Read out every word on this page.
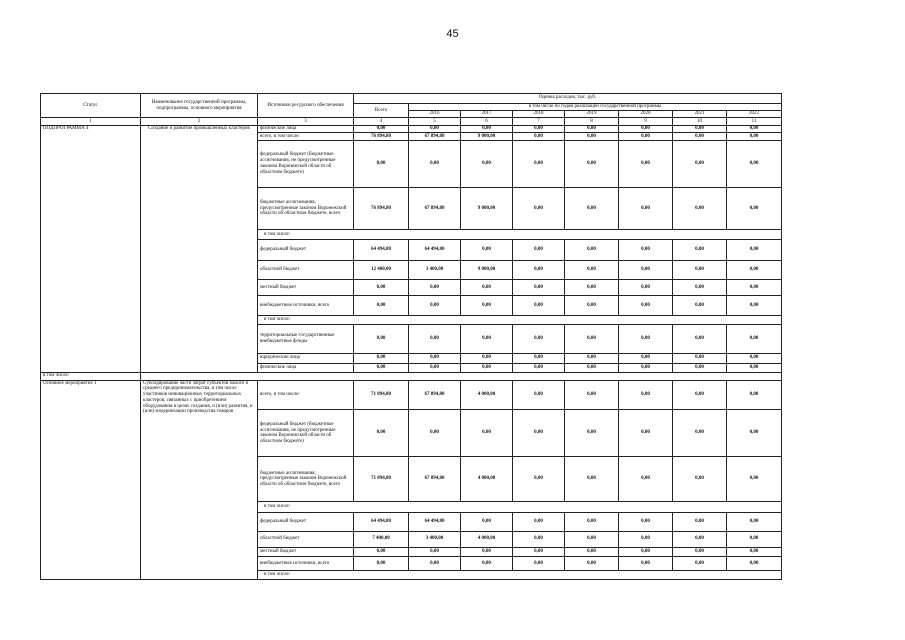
45
Статус	Наименование государственной программы, подпрограммы, основного мероприятия	Источники ресурсного обеспечения	Оценка расходов, тыс. руб.							
			Всего	в том числе по годам реализации государственной программы						
				2016	2017	2018	2019	2020	2021	2022
1	2	3	4	5	6	7	8	9	10	11
ПОДПРОГРАММА 4	Создание и развитие промышленных кластеров	физические лица	0,00	0,00	0,00	0,00	0,00	0,00	0,00	0,00
		всего, в том числе:	76 894,80	67 894,80	9 000,00	0,00	0,00	0,00	0,00	0,00
		федеральный бюджет (бюджетные ассигнования, не предусмотренные законом Воронежской области об областном бюджете)	0,00	0,00	0,00	0,00	0,00	0,00	0,00	0,00
		бюджетные ассигнования, предусмотренные законом Воронежской области об областном бюджете, всего	76 894,80	67 894,80	9 000,00	0,00	0,00	0,00	0,00	0,00
		в том числе:								
		федеральный бюджет	64 494,80	64 494,80	0,00	0,00	0,00	0,00	0,00	0,00
		областной бюджет	12 400,00	3 400,00	9 000,00	0,00	0,00	0,00	0,00	0,00
		местный бюджет	0,00	0,00	0,00	0,00	0,00	0,00	0,00	0,00
		внебюджетные источники, всего	0,00	0,00	0,00	0,00	0,00	0,00	0,00	0,00
		в том числе:								
		территориальные государственные внебюджетные фонды	0,00	0,00	0,00	0,00	0,00	0,00	0,00	0,00
		юридические лица	0,00	0,00	0,00	0,00	0,00	0,00	0,00	0,00
		физические лица	0,00	0,00	0,00	0,00	0,00	0,00	0,00	0,00
в том числе:										
Основное мероприятие 1	Субсидирование части затрат субъектов малого и среднего предпринимательства, в том числе участников инновационных территориальных кластеров, связанных с приобретением оборудования в целях создания, и (или) развития, и (или) модернизации производства товаров	всего, в том числе:	71 894,80	67 894,80	4 000,00	0,00	0,00	0,00	0,00	0,00
		федеральный бюджет (бюджетные ассигнования, не предусмотренные законом Воронежской области об областном бюджете)	0,00	0,00	0,00	0,00	0,00	0,00	0,00	0,00
		бюджетные ассигнования, предусмотренные законом Воронежской области об областном бюджете, всего	71 894,80	67 894,80	4 000,00	0,00	0,00	0,00	0,00	0,00
		в том числе:								
		федеральный бюджет	64 494,80	64 494,80	0,00	0,00	0,00	0,00	0,00	0,00
		областной бюджет	7 400,00	3 400,00	4 000,00	0,00	0,00	0,00	0,00	0,00
		местный бюджет	0,00	0,00	0,00	0,00	0,00	0,00	0,00	0,00
		внебюджетные источники, всего	0,00	0,00	0,00	0,00	0,00	0,00	0,00	0,00
		в том числе:								
